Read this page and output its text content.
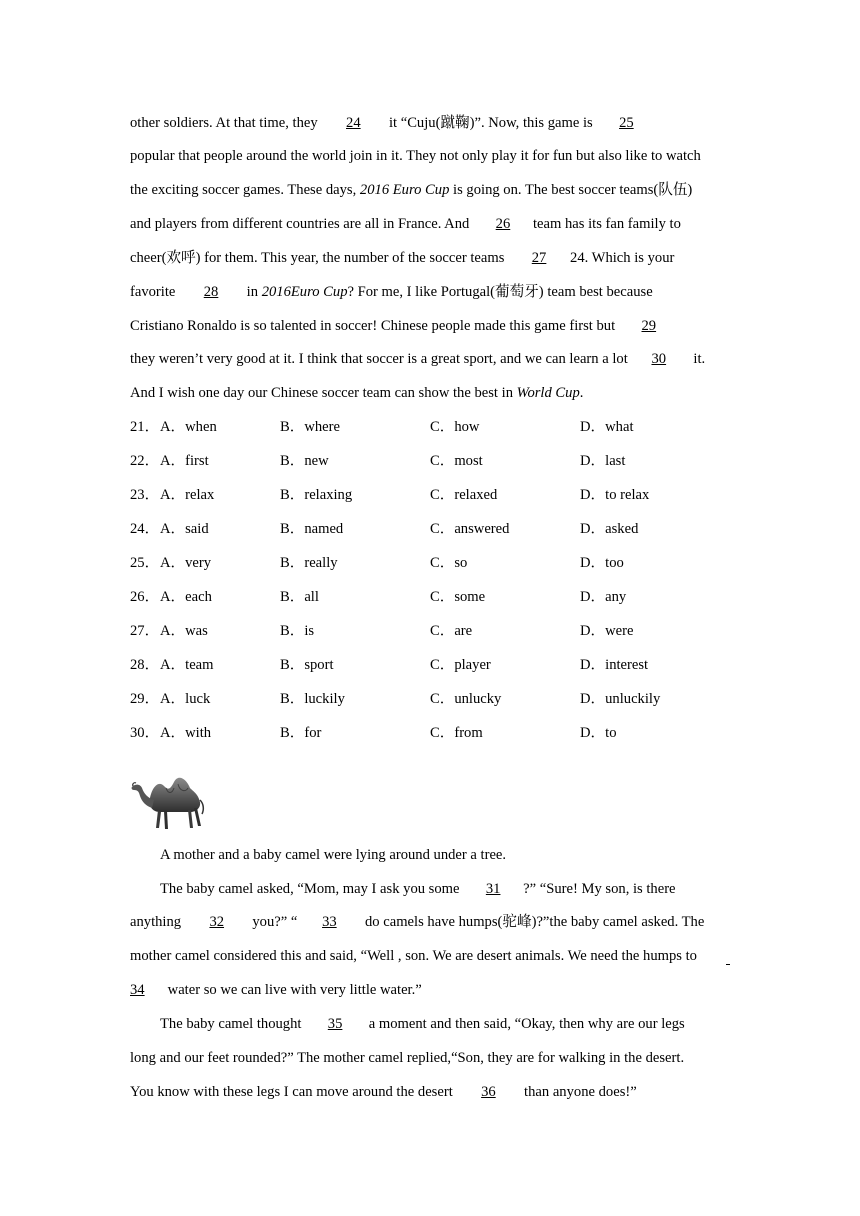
other soldiers. At that time, they 24 it “Cuju(蹴鞠)”. Now, this game is 25
popular that people around the world join in it. They not only play it for fun but also like to watch
the exciting soccer games. These days, 2016 Euro Cup is going on. The best soccer teams(队伍)
and players from different countries are all in France. And 26 team has its fan family to
cheer(欢呼) for them. This year, the number of the soccer teams 27 24. Which is your
favorite 28 in 2016Euro Cup? For me, I like Portugal(葡萄牙) team best because
Cristiano Ronaldo is so talented in soccer! Chinese people made this game first but 29
they weren’t very good at it. I think that soccer is a great sport, and we can learn a lot 30 it.
And I wish one day our Chinese soccer team can show the best in World Cup.
21． A．when	B．where	C．how	D．what
22． A．first	B．new	C．most	D．last
23． A．relax	B．relaxing	C．relaxed	D．to relax
24． A．said	B．named	C．answered	D．asked
25． A．very	B．really	C．so	D．too
26． A．each	B．all	C．some	D．any
27． A．was	B．is	C．are	D．were
28． A．team	B．sport	C．player	D．interest
29． A．luck	B．luckily	C．unlucky	D．unluckily
30． A．with	B．for	C．from	D．to
A mother and a baby camel were lying around under a tree.
The baby camel asked, “Mom, may I ask you some 31 ?” “Sure! My son, is there
anything 32 you?” “ 33 do camels have humps(驼峰)?”the baby camel asked. The
mother camel considered this and said, “Well , son. We are desert animals. We need the humps to
34 water so we can live with very little water.”
The baby camel thought 35 a moment and then said, “Okay, then why are our legs
long and our feet rounded?” The mother camel replied,“Son, they are for walking in the desert.
You know with these legs I can move around the desert 36 than anyone does!”
